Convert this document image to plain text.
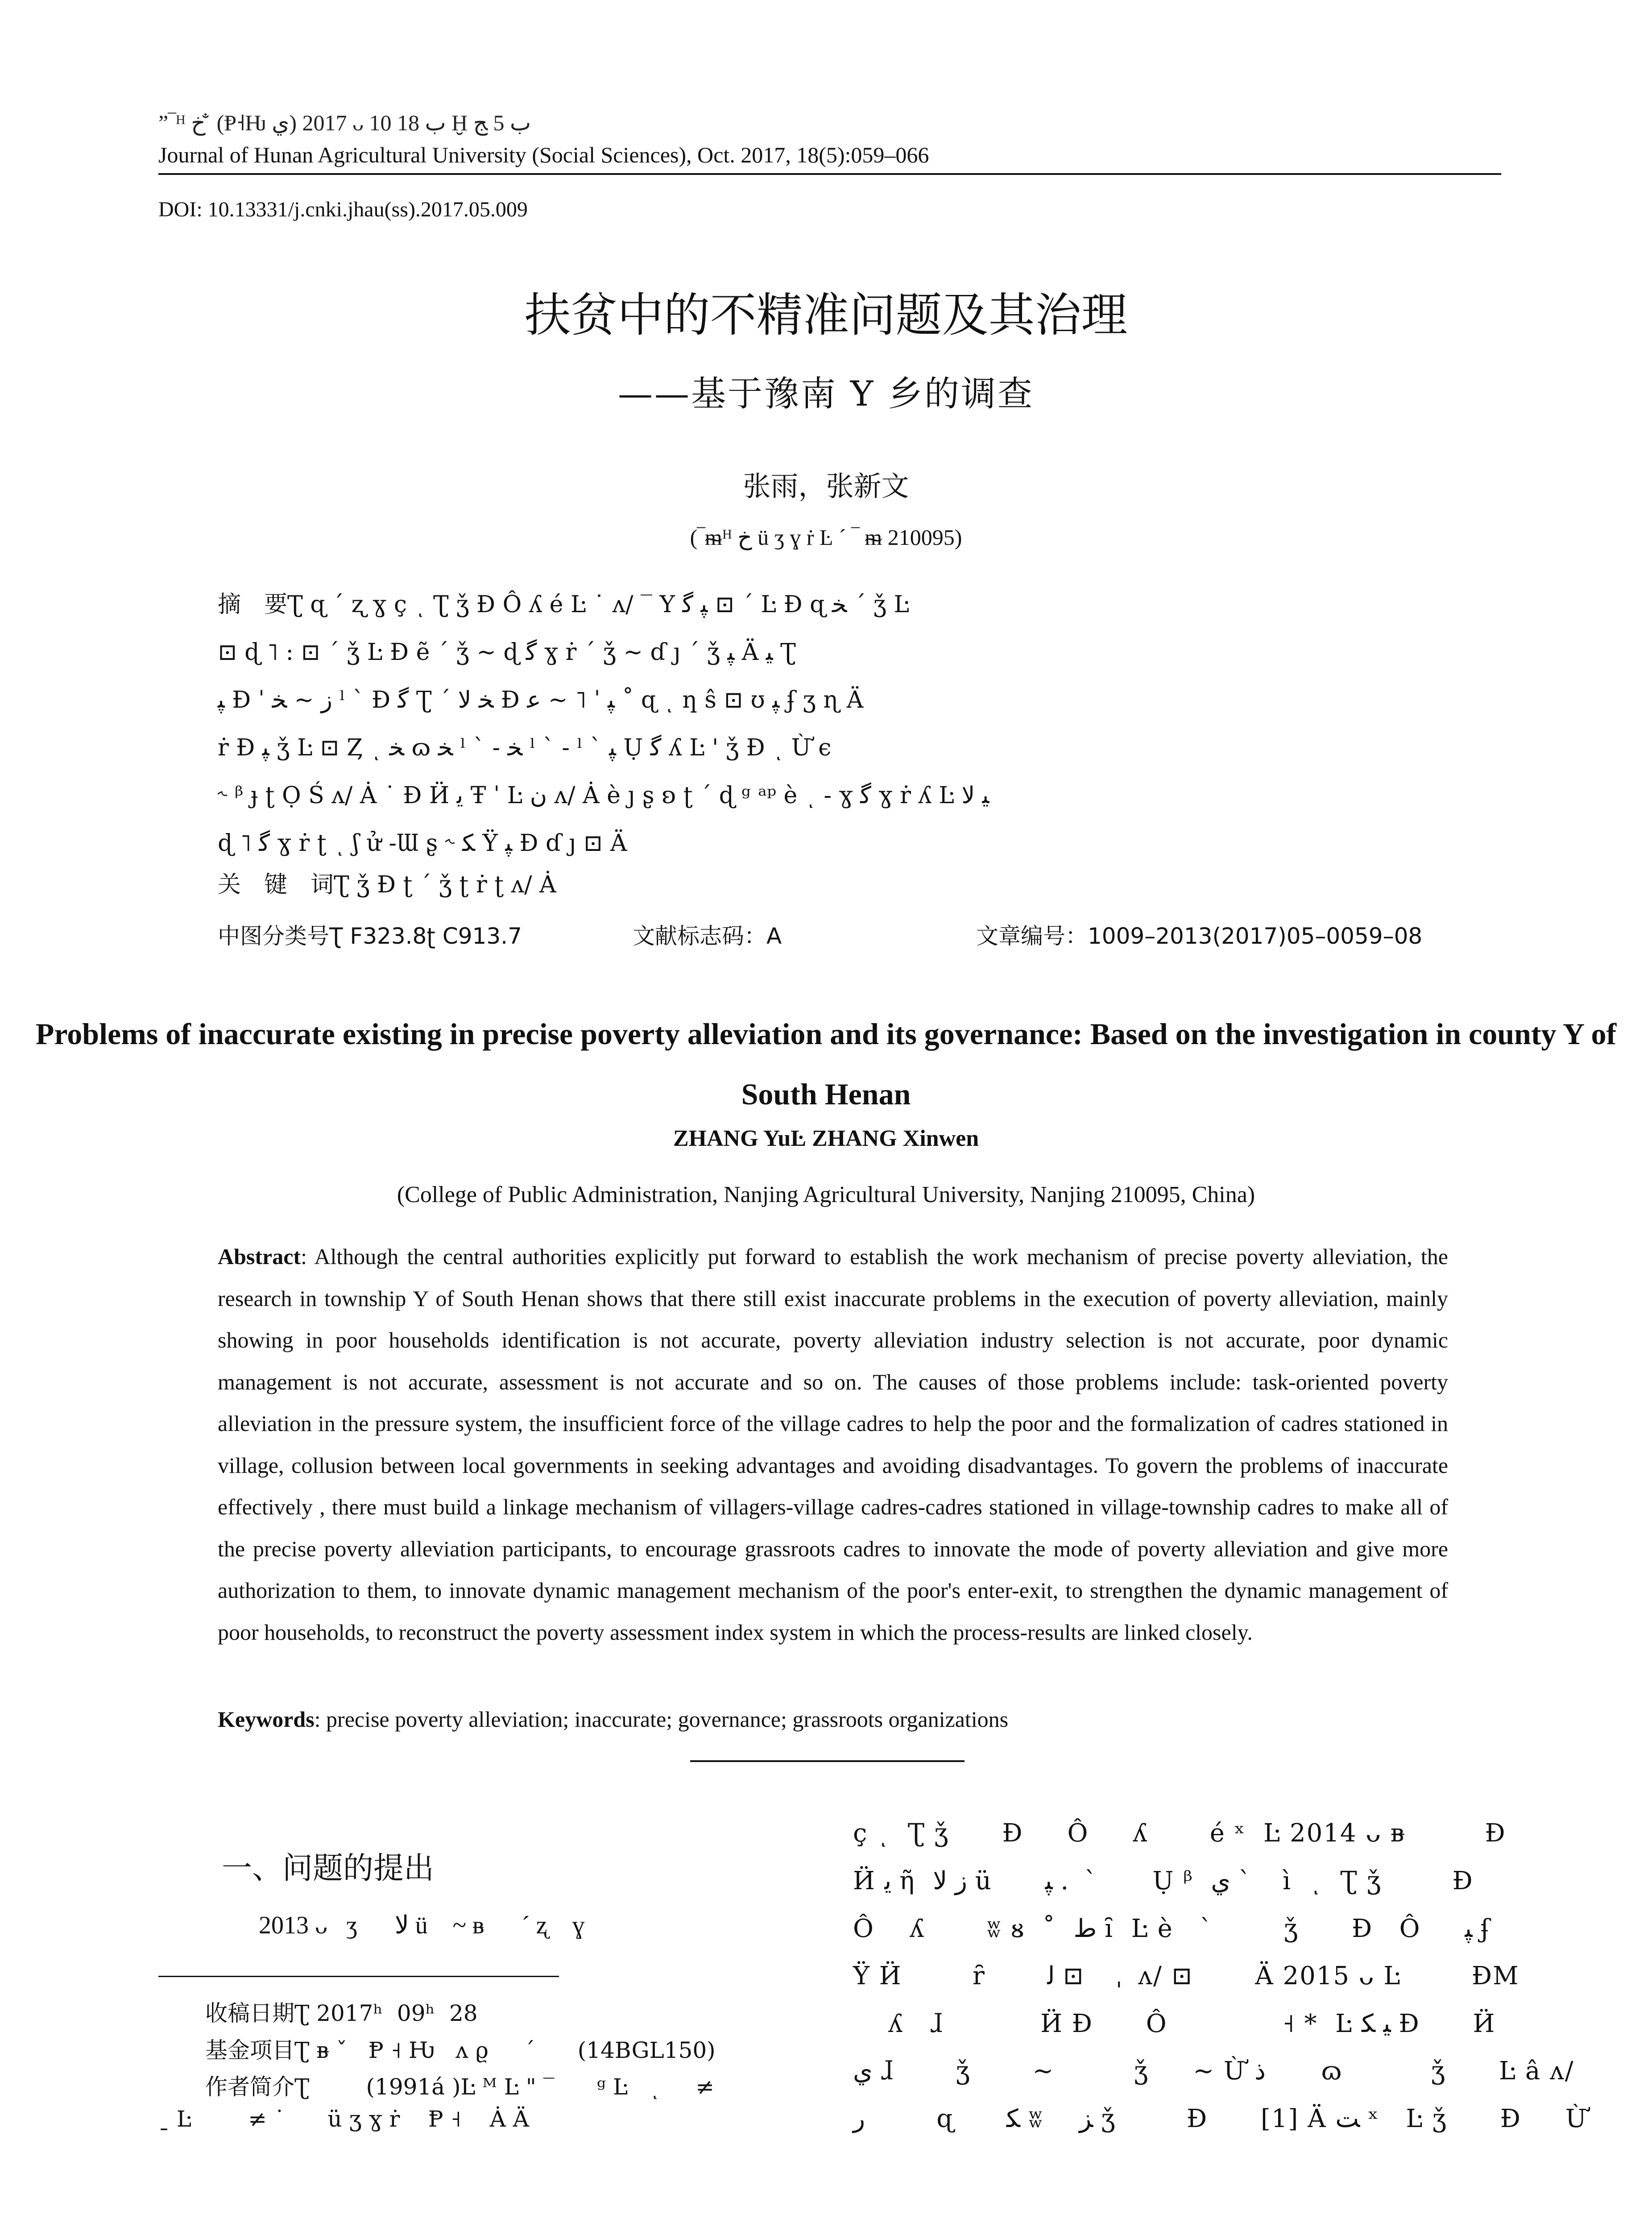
”‾ᴴ ﺥ ̐ (Ᵽ˧Ƕ ﻱ) 2017 ᴗ 10 ﺏ 18 Ḫ ﺏ 5 ﺞ
Journal of Hunan Agricultural University (Social Sciences), Oct. 2017, 18(5):059–066
DOI: 10.13331/j.cnki.jhau(ss).2017.05.009
扶贫中的不精准问题及其治理
——基于豫南 Y 乡的调查
张雨，张新文
(‾ᵯᴴ ﺥ ü ʒ ɣ ṙ Ŀ ˊ ‾ ᵯ 210095)
摘　要Ʈ ɋ ˊ ʐ ɣ ç ͺ Ʈ ǯ Đ Ô ʎ é Ŀ ˙ ʌ/ ‾ Y ﭙ ﮔ ⊡ ˊ Ŀ Đ ɋ ﺨ ˊ ǯ Ŀ
⊡ ɖ ˥ : ⊡ ˊ ǯ Ŀ Đ ẽ ˊ ǯ ~ ɖ ﮔ ɣ ṙ ˊ ǯ ~ ɗ ȷ ˊ ǯ ﭙ Ä ﻴ Ʈ
ﭙ Đ ˈ ﺯ ~ ﺨ ˡ ˋ Đ ﮔ Ʈ ˊ ﺨ ﻻ Đ ﭙ ˈ ˥ ~ ﻋ ˚ ɋ ͺ ƞ ŝ ⊡ ʊ ﭙ ʄ ʒ ɳ Ä
ṙ Đ ﭙ ǯ Ŀ ⊡ Ȥ ͺ ﺨ ɷ ﺨ ˡ ˋ - ﺨ ˡ ˋ - ˡ ˋ ﭙ Ụ ﮔ ʎ Ŀ ' ǯ Đ ͺ Ừ ϵ
˞ ᵝ ɟ ʈ Ọ Ś ʌ/ Ȧ ˙ Đ Ӥ ﻳ Ŧ ˈ Ŀ ﻥ ʌ/ Ȧ è ȷ ʂ ʚ ʈ ˊ ɖ ᵍ ᵃᵖ è ͺ - ɣ ﮔ ɣ ṙ ʎ Ŀ ﻴ ﻻ
ɖ ˥ ﮔ ɣ ṙ ʈ ͺ ʃ ử -Ɯ ʂ ˞ ﻜ Ÿ ﭙ Đ ɗ ȷ ⊡ Ä
关　键　词Ʈ ǯ Đ ʈ ˊ ǯ ʈ ṙ ʈ ʌ/ Ȧ
中图分类号Ʈ F323.8ʈ C913.7	文献标志码：A	文章编号：1009–2013(2017)05–0059–08
Problems of inaccurate existing in precise poverty alleviation and its governance: Based on the investigation in county Y of South Henan
ZHANG YuĿ ZHANG Xinwen
(College of Public Administration, Nanjing Agricultural University, Nanjing 210095, China)
Abstract: Although the central authorities explicitly put forward to establish the work mechanism of precise poverty alleviation, the research in township Y of South Henan shows that there still exist inaccurate problems in the execution of poverty alleviation, mainly showing in poor households identification is not accurate, poverty alleviation industry selection is not accurate, poor dynamic management is not accurate, assessment is not accurate and so on. The causes of those problems include: task-oriented poverty alleviation in the pressure system, the insufficient force of the village cadres to help the poor and the formalization of cadres stationed in village, collusion between local governments in seeking advantages and avoiding disadvantages. To govern the problems of inaccurate effectively , there must build a linkage mechanism of villagers-village cadres-cadres stationed in village-township cadres to make all of the precise poverty alleviation participants, to encourage grassroots cadres to innovate the mode of poverty alleviation and give more authorization to them, to innovate dynamic management mechanism of the poor's enter-exit, to strengthen the dynamic management of poor households, to reconstruct the poverty assessment index system in which the process-results are linked closely.
Keywords: precise poverty alleviation; inaccurate; governance; grassroots organizations
一、问题的提出
2013 ᴗ   ʒ      ﻻ ü    ~ ᴃ      ˊ ʐ    ɣ
收稿日期Ʈ 2017ʰ  09ʰ  28
基金项目Ʈ ᴃ ˇ   Ᵽ ˧ Ƕ   ʌ ϱ     ˊ      (14BGL150)
作者简介Ʈ        (1991á )Ŀ ᴹ Ŀ " ‾      ᵍ Ŀ   ͺ     ≠
ˍ Ŀ        ≠ ˙      ü ʒ ɣ ṙ    Ᵽ ˧    Ȧ Ä
ç ͺ  Ʈ ǯ      Đ     Ô     ʎ       é ˣ  Ŀ 2014 ᴗ ᴃ         Đ
Ӥ ﻳ ῆ  ﺯ ﻻ ü      ﭙ .  ˋ       Ụ ᵝ  ﻱ ˋ    ì  ͺ  Ʈ ǯ        Đ
Ô    ʎ       ʬ ᴕ  ˚  ﻁ ȋ  Ŀ è   ˋ        ǯ      Đ   Ô     ﭙ ʄ
Ÿ Ӥ        ȓ       ﻟ ⊡    ˌ  ʌ/ ⊡       Ä 2015 ᴗ Ŀ        ƉM
ʎ   ɺ           Ӥ Đ      Ô             ˧ *  Ŀ ﻴ ﮑ Đ      Ӥ
ﻱ ɺ       ǯ       ~         ǯ     ~ Ừ ﺫ       ɷ          ǯ      Ŀ â ʌ/
ﺭ         ɋ      ﻜ ʬ    ﺰ ǯ        Đ      [1] Ä ﺖ ˣ   Ŀ ǯ      Đ     Ừ
